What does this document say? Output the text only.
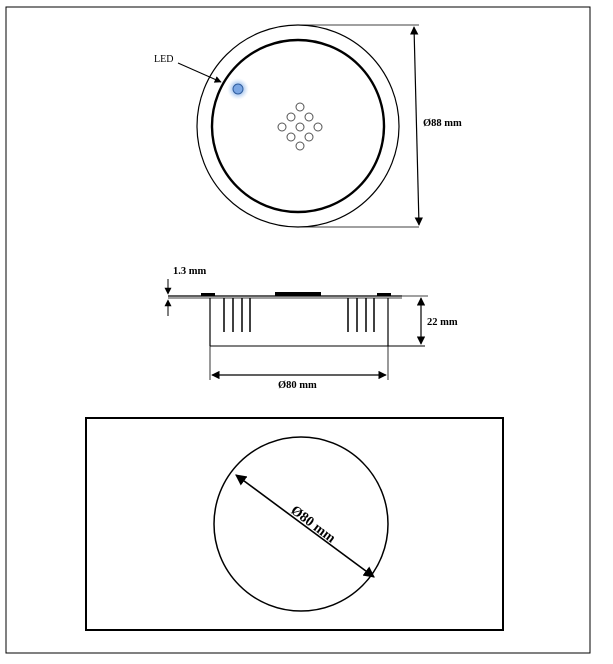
LED
Ø88 mm
1.3 mm
22 mm
Ø80 mm
Ø80 mm
